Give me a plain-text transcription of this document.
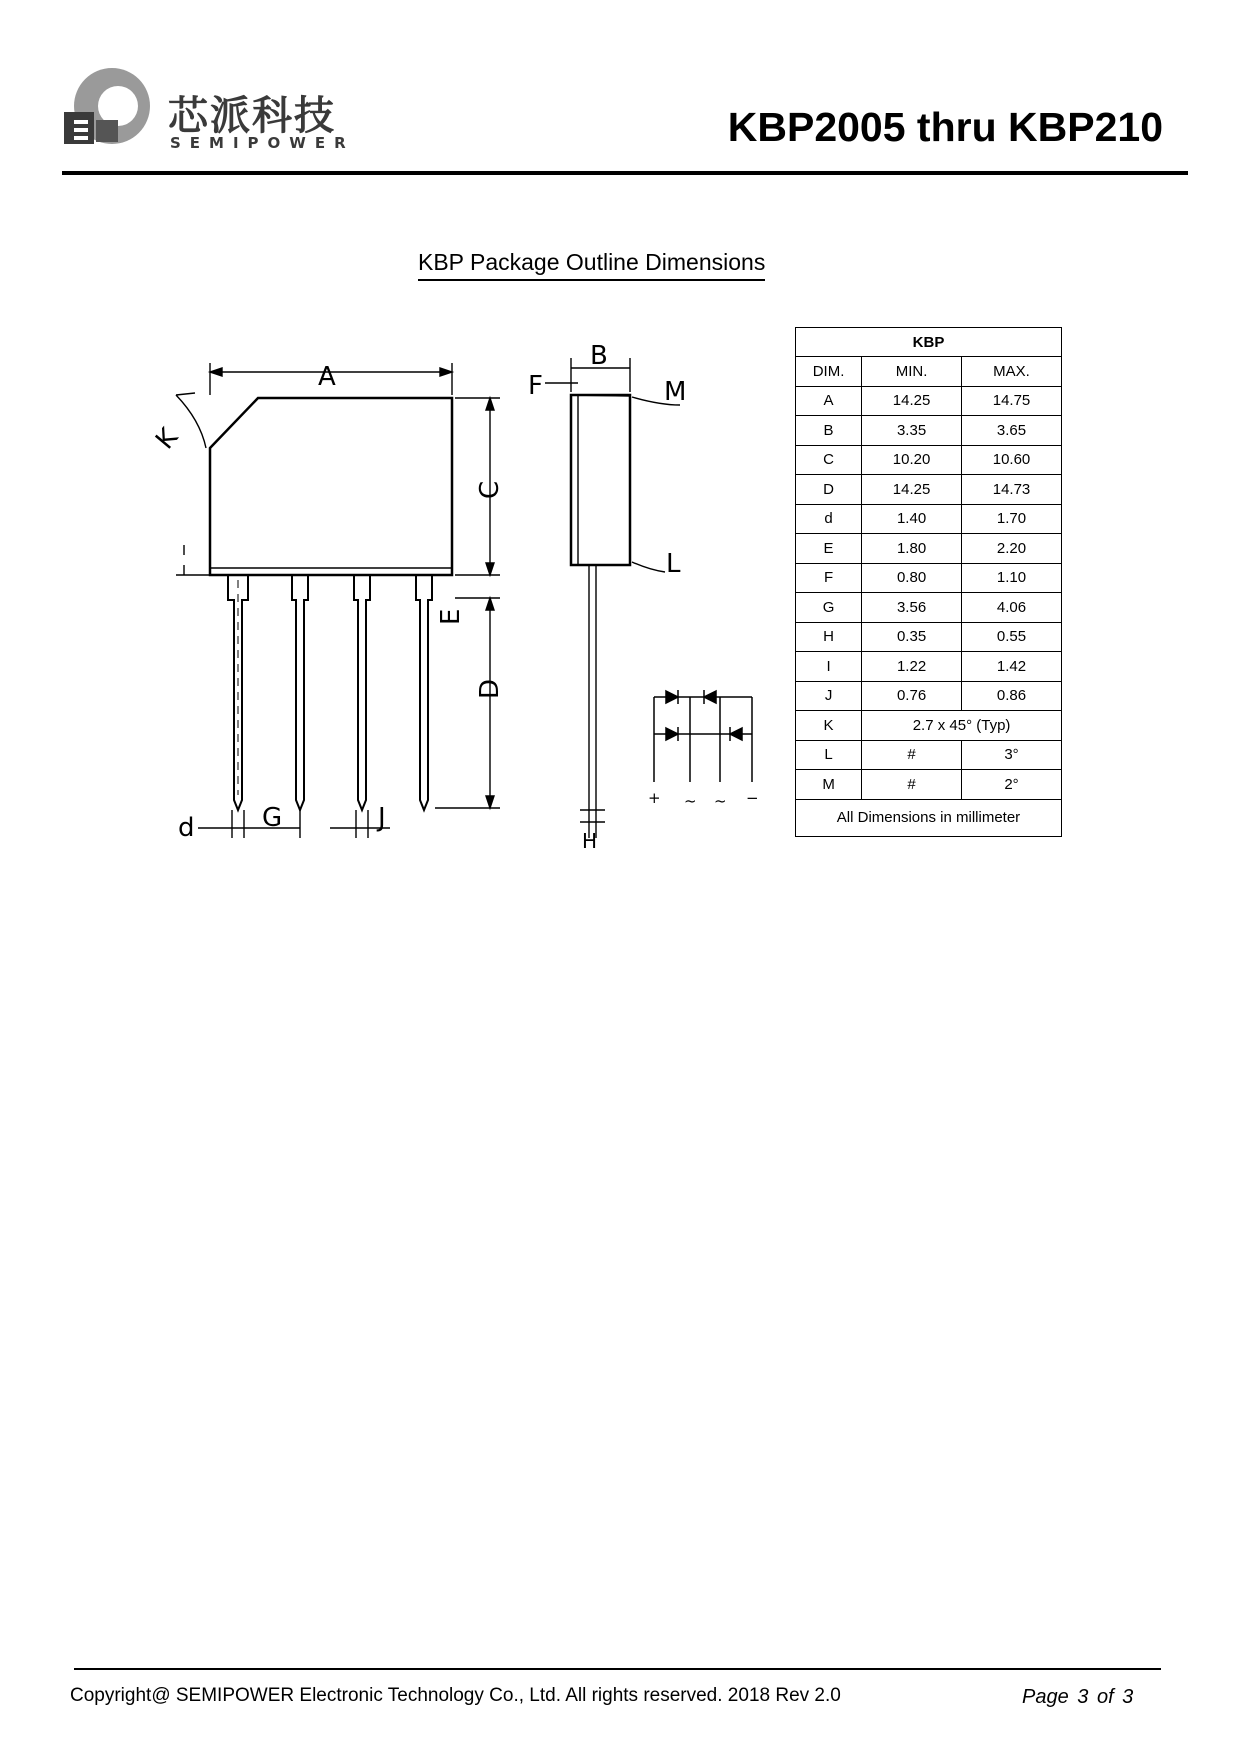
芯派科技
SEMIPOWER	KBP2005 thru KBP210
KBP Package Outline Dimensions
A
K
C
E
D
d	G	J
B
F	M
L
H
+ ~ ~ −
KBP		
DIM.	MIN.	MAX.
A	14.25	14.75
B	3.35	3.65
C	10.20	10.60
D	14.25	14.73
d	1.40	1.70
E	1.80	2.20
F	0.80	1.10
G	3.56	4.06
H	0.35	0.55
I	1.22	1.42
J	0.76	0.86
K	2.7 x 45° (Typ)	
L	#	3°
M	#	2°
All Dimensions in millimeter		
Copyright@ SEMIPOWER Electronic Technology Co., Ltd. All rights reserved. 2018 Rev 2.0	Page 3 of 3
